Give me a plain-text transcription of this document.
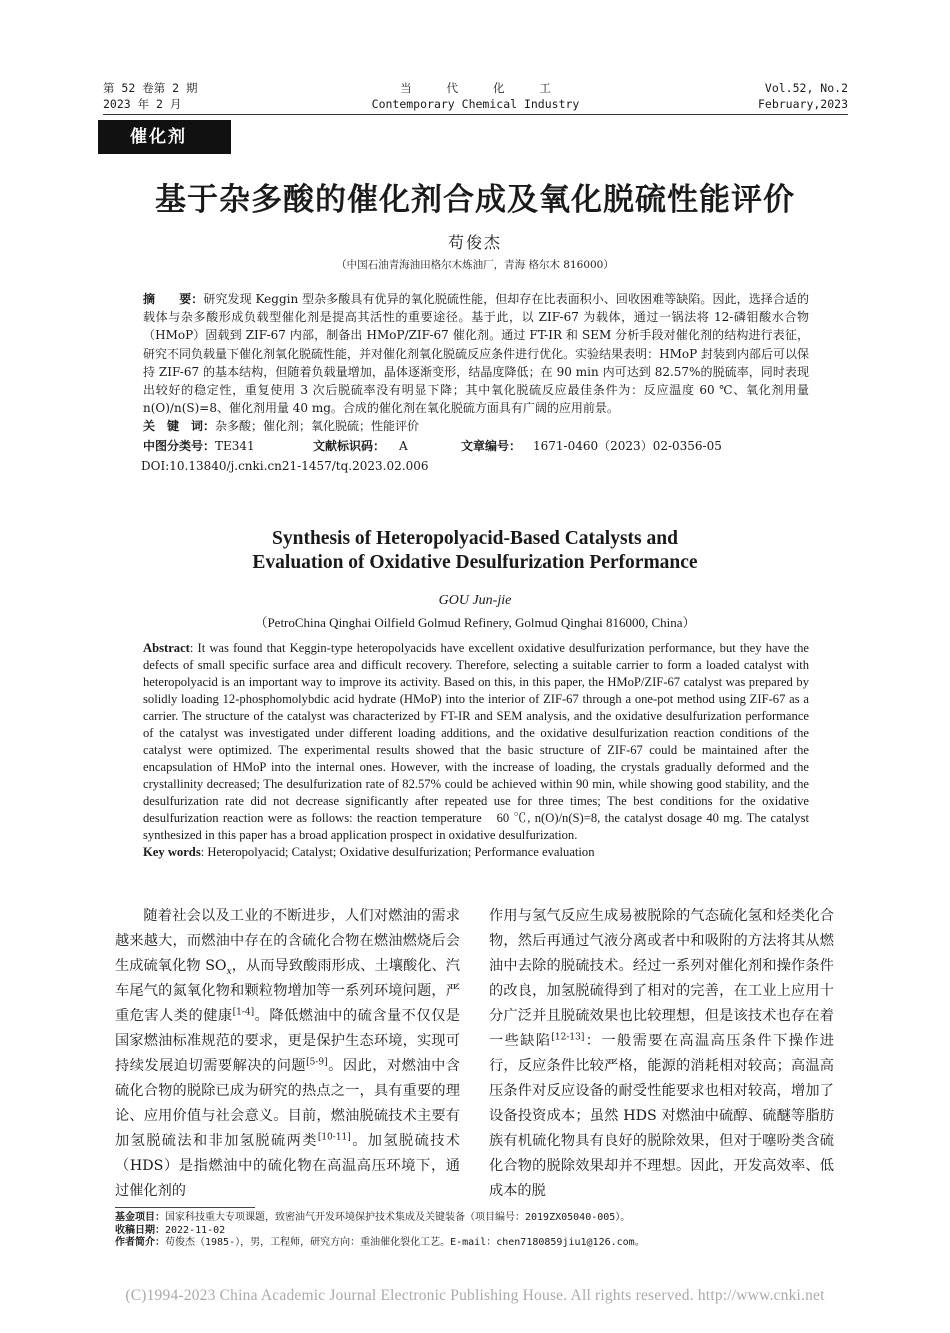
第 52 卷第 2 期
2023 年 2 月
当 代 化 工
Contemporary Chemical Industry
Vol.52, No.2
February,2023
催化剂
基于杂多酸的催化剂合成及氧化脱硫性能评价
苟俊杰
（中国石油青海油田格尔木炼油厂，青海 格尔木 816000）
摘　　要：研究发现 Keggin 型杂多酸具有优异的氧化脱硫性能，但却存在比表面积小、回收困难等缺陷。因此，选择合适的载体与杂多酸形成负载型催化剂是提高其活性的重要途径。基于此，以 ZIF-67 为载体，通过一锅法将 12-磷钼酸水合物（HMoP）固载到 ZIF-67 内部，制备出 HMoP/ZIF-67 催化剂。通过 FT-IR 和 SEM 分析手段对催化剂的结构进行表征，研究不同负载量下催化剂氧化脱硫性能，并对催化剂氧化脱硫反应条件进行优化。实验结果表明：HMoP 封装到内部后可以保持 ZIF-67 的基本结构，但随着负载量增加，晶体逐渐变形，结晶度降低；在 90 min 内可达到 82.57%的脱硫率，同时表现出较好的稳定性，重复使用 3 次后脱硫率没有明显下降；其中氧化脱硫反应最佳条件为：反应温度 60 ℃、氧化剂用量 n(O)/n(S)=8、催化剂用量 40 mg。合成的催化剂在氧化脱硫方面具有广阔的应用前景。
关　键　词：杂多酸；催化剂；氧化脱硫；性能评价
中图分类号：TE341	文献标识码： A	文章编号： 1671-0460（2023）02-0356-05
DOI:10.13840/j.cnki.cn21-1457/tq.2023.02.006
Synthesis of Heteropolyacid-Based Catalysts and
Evaluation of Oxidative Desulfurization Performance
GOU Jun-jie
（PetroChina Qinghai Oilfield Golmud Refinery, Golmud Qinghai 816000, China）
Abstract: It was found that Keggin-type heteropolyacids have excellent oxidative desulfurization performance, but they have the defects of small specific surface area and difficult recovery. Therefore, selecting a suitable carrier to form a loaded catalyst with heteropolyacid is an important way to improve its activity. Based on this, in this paper, the HMoP/ZIF-67 catalyst was prepared by solidly loading 12-phosphomolybdic acid hydrate (HMoP) into the interior of ZIF-67 through a one-pot method using ZIF-67 as a carrier. The structure of the catalyst was characterized by FT-IR and SEM analysis, and the oxidative desulfurization performance of the catalyst was investigated under different loading additions, and the oxidative desulfurization reaction conditions of the catalyst were optimized. The experimental results showed that the basic structure of ZIF-67 could be maintained after the encapsulation of HMoP into the internal ones. However, with the increase of loading, the crystals gradually deformed and the crystallinity decreased; The desulfurization rate of 82.57% could be achieved within 90 min, while showing good stability, and the desulfurization rate did not decrease significantly after repeated use for three times; The best conditions for the oxidative desulfurization reaction were as follows: the reaction temperature　60 ℃, n(O)/n(S)=8, the catalyst dosage 40 mg. The catalyst synthesized in this paper has a broad application prospect in oxidative desulfurization.
Key words: Heteropolyacid; Catalyst; Oxidative desulfurization; Performance evaluation
随着社会以及工业的不断进步，人们对燃油的需求越来越大，而燃油中存在的含硫化合物在燃油燃烧后会生成硫氧化物 $SO_x$，从而导致酸雨形成、土壤酸化、汽车尾气的氮氧化物和颗粒物增加等一系列环境问题，严重危害人类的健康[1-4]。降低燃油中的硫含量不仅仅是国家燃油标准规范的要求，更是保护生态环境，实现可持续发展迫切需要解决的问题[5-9]。因此，对燃油中含硫化合物的脱除已成为研究的热点之一，具有重要的理论、应用价值与社会意义。目前，燃油脱硫技术主要有加氢脱硫法和非加氢脱硫两类[10-11]。加氢脱硫技术（HDS）是指燃油中的硫化物在高温高压环境下，通过催化剂的
作用与氢气反应生成易被脱除的气态硫化氢和烃类化合物，然后再通过气液分离或者中和吸附的方法将其从燃油中去除的脱硫技术。经过一系列对催化剂和操作条件的改良，加氢脱硫得到了相对的完善，在工业上应用十分广泛并且脱硫效果也比较理想，但是该技术也存在着一些缺陷[12-13]：一般需要在高温高压条件下操作进行，反应条件比较严格，能源的消耗相对较高；高温高压条件对反应设备的耐受性能要求也相对较高，增加了设备投资成本；虽然 HDS 对燃油中硫醇、硫醚等脂肪族有机硫化物具有良好的脱除效果，但对于噻吩类含硫化合物的脱除效果却并不理想。因此，开发高效率、低成本的脱
基金项目：国家科技重大专项课题，致密油气开发环境保护技术集成及关键装备（项目编号：2019ZX05040-005）。
收稿日期：2022-11-02
作者简介：苟俊杰（1985-），男，工程师，研究方向：重油催化裂化工艺。E-mail：chen7180859jiu1@126.com。
(C)1994-2023 China Academic Journal Electronic Publishing House. All rights reserved. http://www.cnki.net
